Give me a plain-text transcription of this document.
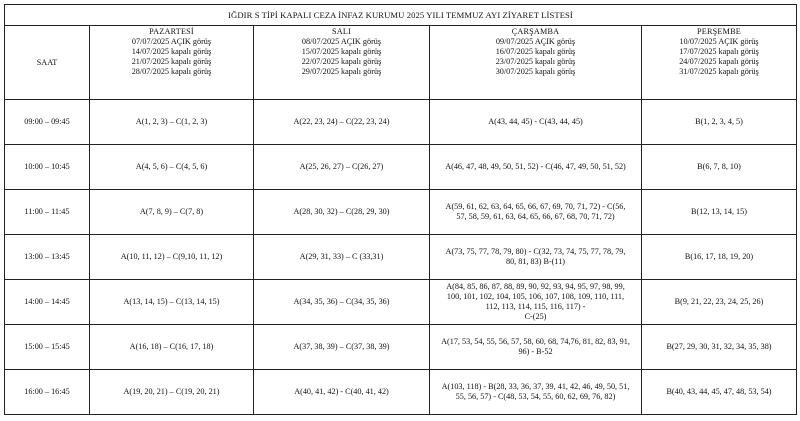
IĞDIR S TİPİ KAPALI CEZA İNFAZ KURUMU 2025 YILI TEMMUZ AYI ZİYARET LİSTESİ				
SAAT	PAZARTESİ
07/07/2025 AÇIK görüş
14/07/2025 kapalı görüş
21/07/2025 kapalı görüş
28/07/2025 kapalı görüş	SALI
08/07/2025 AÇIK görüş
15/07/2025 kapalı görüş
22/07/2025 kapalı görüş
29/07/2025 kapalı görüş	ÇARŞAMBA
09/07/2025 AÇIK görüş
16/07/2025 kapalı görüş
23/07/2025 kapalı görüş
30/07/2025 kapalı görüş	PERŞEMBE
10/07/2025 AÇIK görüş
17/07/2025 kapalı görüş
24/07/2025 kapalı görüş
31/07/2025 kapalı görüş

09:00 – 09:45	A(1, 2, 3) – C(1, 2, 3)	A(22, 23, 24) – C(22, 23, 24)	A(43, 44, 45) - C(43, 44, 45)	B(1, 2, 3, 4, 5)

10:00 – 10:45	A(4, 5, 6) – C(4, 5, 6)	A(25, 26, 27) – C(26, 27)	A(46, 47, 48, 49, 50, 51, 52) - C(46, 47, 49, 50, 51, 52)	B(6, 7, 8, 10)

11:00 – 11:45	A(7, 8, 9) – C(7, 8)	A(28, 30, 32) – C(28, 29, 30)	A(59, 61, 62, 63, 64, 65, 66, 67, 69, 70, 71, 72) - C(56,
57, 58, 59, 61, 63, 64, 65, 66, 67, 68, 70, 71, 72)	B(12, 13, 14, 15)

13:00 – 13:45	A(10, 11, 12) – C(9,10, 11, 12)	A(29, 31, 33) – C (33,31)	A(73, 75, 77, 78, 79, 80) - C(32, 73, 74, 75, 77, 78, 79,
80, 81, 83) B-(11)	B(16, 17, 18, 19, 20)

14:00 – 14:45	A(13, 14, 15) – C(13, 14, 15)	A(34, 35, 36) – C(34, 35, 36)	A(84, 85, 86, 87, 88, 89, 90, 92, 93, 94, 95, 97, 98, 99,
100, 101, 102, 104, 105, 106, 107, 108, 109, 110, 111,
112, 113, 114, 115, 116, 117) -
C-(25)	B(9, 21, 22, 23, 24, 25, 26)

15:00 – 15:45	A(16, 18) – C(16, 17, 18)	A(37, 38, 39) – C(37, 38, 39)	A(17, 53, 54, 55, 56, 57, 58, 60, 68, 74,76, 81, 82, 83, 91,
96) - B-52	B(27, 29, 30, 31, 32, 34, 35, 38)

16:00 – 16:45	A(19, 20, 21) – C(19, 20, 21)	A(40, 41, 42) - C(40, 41, 42)	A(103, 118) - B(28, 33, 36, 37, 39, 41, 42, 46, 49, 50, 51,
55, 56, 57) - C(48, 53, 54, 55, 60, 62, 69, 76, 82)	B(40, 43, 44, 45, 47, 48, 53, 54)
